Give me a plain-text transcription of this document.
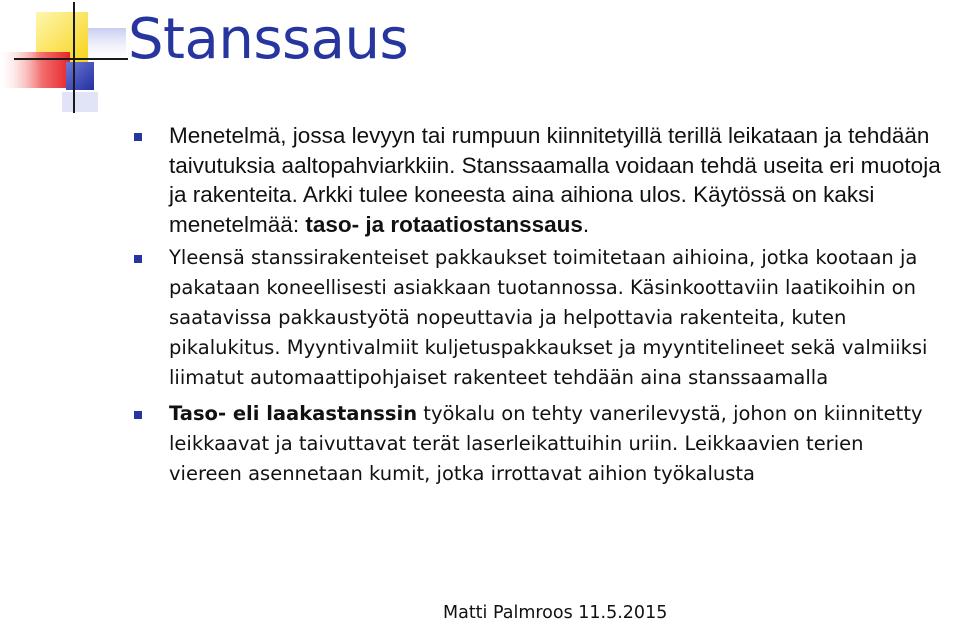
Stanssaus
Menetelmä, jossa levyyn tai rumpuun kiinnitetyillä terillä leikataan ja tehdään taivutuksia aaltopahviarkkiin. Stanssaamalla voidaan tehdä useita eri muotoja ja rakenteita. Arkki tulee koneesta aina aihiona ulos. Käytössä on kaksi menetelmää: taso- ja rotaatiostanssaus.
Yleensä stanssirakenteiset pakkaukset toimitetaan aihioina, jotka kootaan ja pakataan koneellisesti asiakkaan tuotannossa. Käsinkoottaviin laatikoihin on saatavissa pakkaustyötä nopeuttavia ja helpottavia rakenteita, kuten pikalukitus. Myyntivalmiit kuljetuspakkaukset ja myyntitelineet sekä valmiiksi liimatut automaattipohjaiset rakenteet tehdään aina stanssaamalla
Taso- eli laakastanssin työkalu on tehty vanerilevystä, johon on kiinnitetty leikkaavat ja taivuttavat terät laserleikattuihin uriin. Leikkaavien terien viereen asennetaan kumit, jotka irrottavat aihion työkalusta
Matti Palmroos 11.5.2015
